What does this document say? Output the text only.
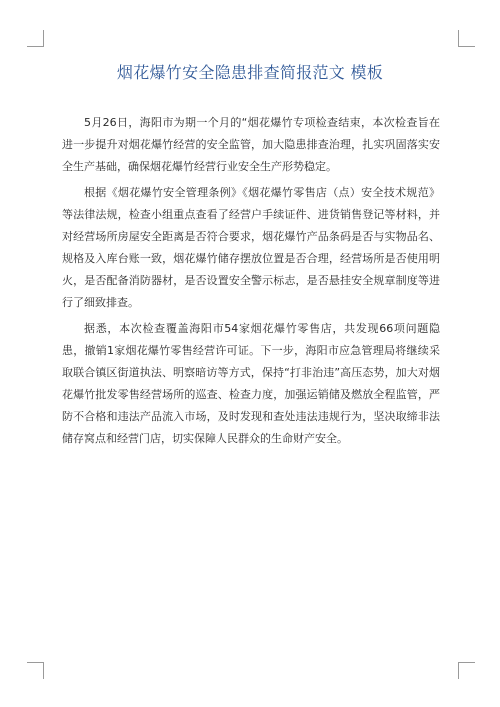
烟花爆竹安全隐患排查简报范文 模板

5月26日，海阳市为期一个月的“烟花爆竹专项检查结束，本次检查旨在进一步提升对烟花爆竹经营的安全监管，加大隐患排查治理，扎实巩固落实安全生产基础，确保烟花爆竹经营行业安全生产形势稳定。

根据《烟花爆竹安全管理条例》《烟花爆竹零售店（点）安全技术规范》等法律法规，检查小组重点查看了经营户手续证件、进货销售登记等材料，并对经营场所房屋安全距离是否符合要求，烟花爆竹产品条码是否与实物品名、规格及入库台账一致，烟花爆竹储存摆放位置是否合理，经营场所是否使用明火，是否配备消防器材，是否设置安全警示标志，是否悬挂安全规章制度等进行了细致排查。

据悉，本次检查覆盖海阳市54家烟花爆竹零售店，共发现66项问题隐患，撤销1家烟花爆竹零售经营许可证。下一步，海阳市应急管理局将继续采取联合镇区街道执法、明察暗访等方式，保持“打非治违”高压态势，加大对烟花爆竹批发零售经营场所的巡查、检查力度，加强运销储及燃放全程监管，严防不合格和违法产品流入市场，及时发现和查处违法违规行为，坚决取缔非法储存窝点和经营门店，切实保障人民群众的生命财产安全。
